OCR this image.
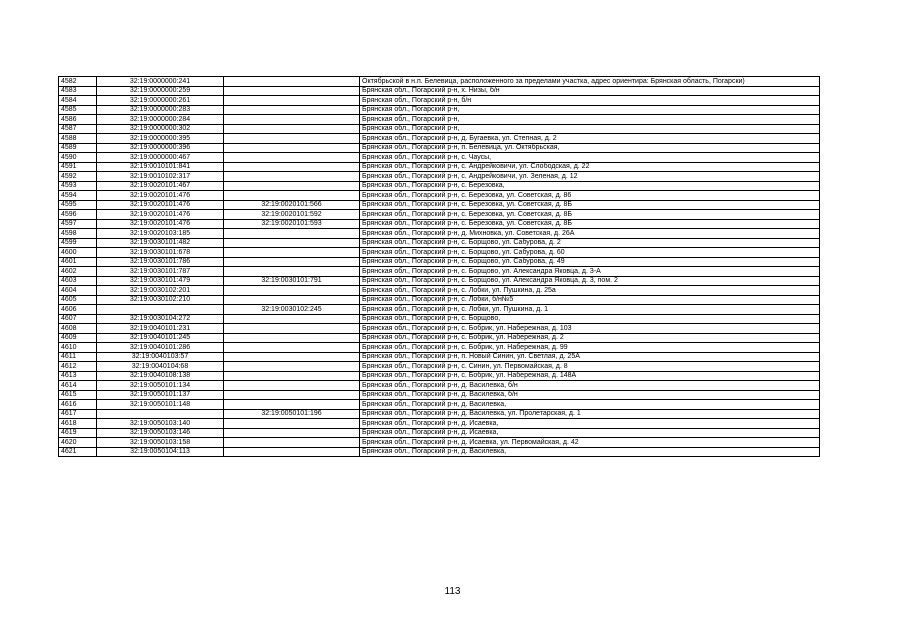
4582	32:19:0000000:241		Октябрьской в н.п. Белевица, расположенного за пределами участка, адрес ориентира: Брянская область, Погарски)
4583	32:19:0000000:259		Брянская обл., Погарский р-н, х. Низы, б/н
4584	32:19:0000000:261		Брянская обл., Погарский р-н, б/н
4585	32:19:0000000:283		Брянская обл., Погарский р-н,
4586	32:19:0000000:284		Брянская обл., Погарский р-н,
4587	32:19:0000000:302		Брянская обл., Погарский р-н,
4588	32:19:0000000:395		Брянская обл., Погарский р-н, д. Бугаевка, ул. Степная, д. 2
4589	32:19:0000000:396		Брянская обл., Погарский р-н, п. Белевица, ул. Октябрьская,
4590	32:19:0000000:467		Брянская обл., Погарский р-н, с. Чаусы,
4591	32:19:0010101:841		Брянская обл., Погарский р-н, с. Андрейковичи, ул. Слободская, д. 22
4592	32:19:0010102:317		Брянская обл., Погарский р-н, с. Андрейковичи, ул. Зеленая, д. 12
4593	32:19:0020101:467		Брянская обл., Погарский р-н, с. Березовка,
4594	32:19:0020101:476		Брянская обл., Погарский р-н, с. Березовка, ул. Советская, д. 86
4595	32:19:0020101:476	32:19:0020101:566	Брянская обл., Погарский р-н, с. Березовка, ул. Советская, д. 8Б
4596	32:19:0020101:476	32:19:0020101:592	Брянская обл., Погарский р-н, с. Березовка, ул. Советская, д. 8Б
4597	32:19:0020101:476	32:19:0020101:593	Брянская обл., Погарский р-н, с. Березовка, ул. Советская, д. 8Б
4598	32:19:0020103:185		Брянская обл., Погарский р-н, д. Михновка, ул. Советская, д. 26А
4599	32:19:0030101:482		Брянская обл., Погарский р-н, с. Борщово, ул. Сабурова, д. 2
4600	32:19:0030101:678		Брянская обл., Погарский р-н, с. Борщово, ул. Сабурова, д. 60
4601	32:19:0030101:786		Брянская обл., Погарский р-н, с. Борщово, ул. Сабурова, д. 49
4602	32:19:0030101:787		Брянская обл., Погарский р-н, с. Борщово, ул. Александра Яковца, д. 3-А
4603	32:19:0030101:479	32:19:0030101:791	Брянская обл., Погарский р-н, с. Борщово, ул. Александра Яковца, д. 3, пом. 2
4604	32:19:0030102:201		Брянская обл., Погарский р-н, с. Лобки, ул. Пушкина, д. 25а
4605	32:19:0030102:210		Брянская обл., Погарский р-н, с. Лобки, б/н№5
4606		32:19:0030102:245	Брянская обл., Погарский р-н, с. Лобки, ул. Пушкина, д. 1
4607	32:19:0030104:272		Брянская обл., Погарский р-н, с. Борщово,
4608	32:19:0040101:231		Брянская обл., Погарский р-н, с. Бобрик, ул. Набережная, д. 103
4609	32:19:0040101:245		Брянская обл., Погарский р-н, с. Бобрик, ул. Набережная, д. 2
4610	32:19:0040101:286		Брянская обл., Погарский р-н, с. Бобрик, ул. Набережная, д. 99
4611	32:19:0040103:57		Брянская обл., Погарский р-н, п. Новый Синин, ул. Светлая, д. 25А
4612	32:19:0040104:68		Брянская обл., Погарский р-н, с. Синин, ул. Первомайская, д. 8
4613	32:19:0040108:138		Брянская обл., Погарский р-н, с. Бобрик, ул. Набережная, д. 148А
4614	32:19:0050101:134		Брянская обл., Погарский р-н, д. Василевка, б/н
4615	32:19:0050101:137		Брянская обл., Погарский р-н, д. Василевка, б/н
4616	32:19:0050101:148		Брянская обл., Погарский р-н, д. Василевка,
4617		32:19:0050101:196	Брянская обл., Погарский р-н, д. Василевка, ул. Пролетарская, д. 1
4618	32:19:0050103:140		Брянская обл., Погарский р-н, д. Исаевка,
4619	32:19:0050103:146		Брянская обл., Погарский р-н, д. Исаевка,
4620	32:19:0050103:158		Брянская обл., Погарский р-н, д. Исаевка, ул. Первомайская, д. 42
4621	32:19:0050104:113		Брянская обл., Погарский р-н, д. Василевка,
113
